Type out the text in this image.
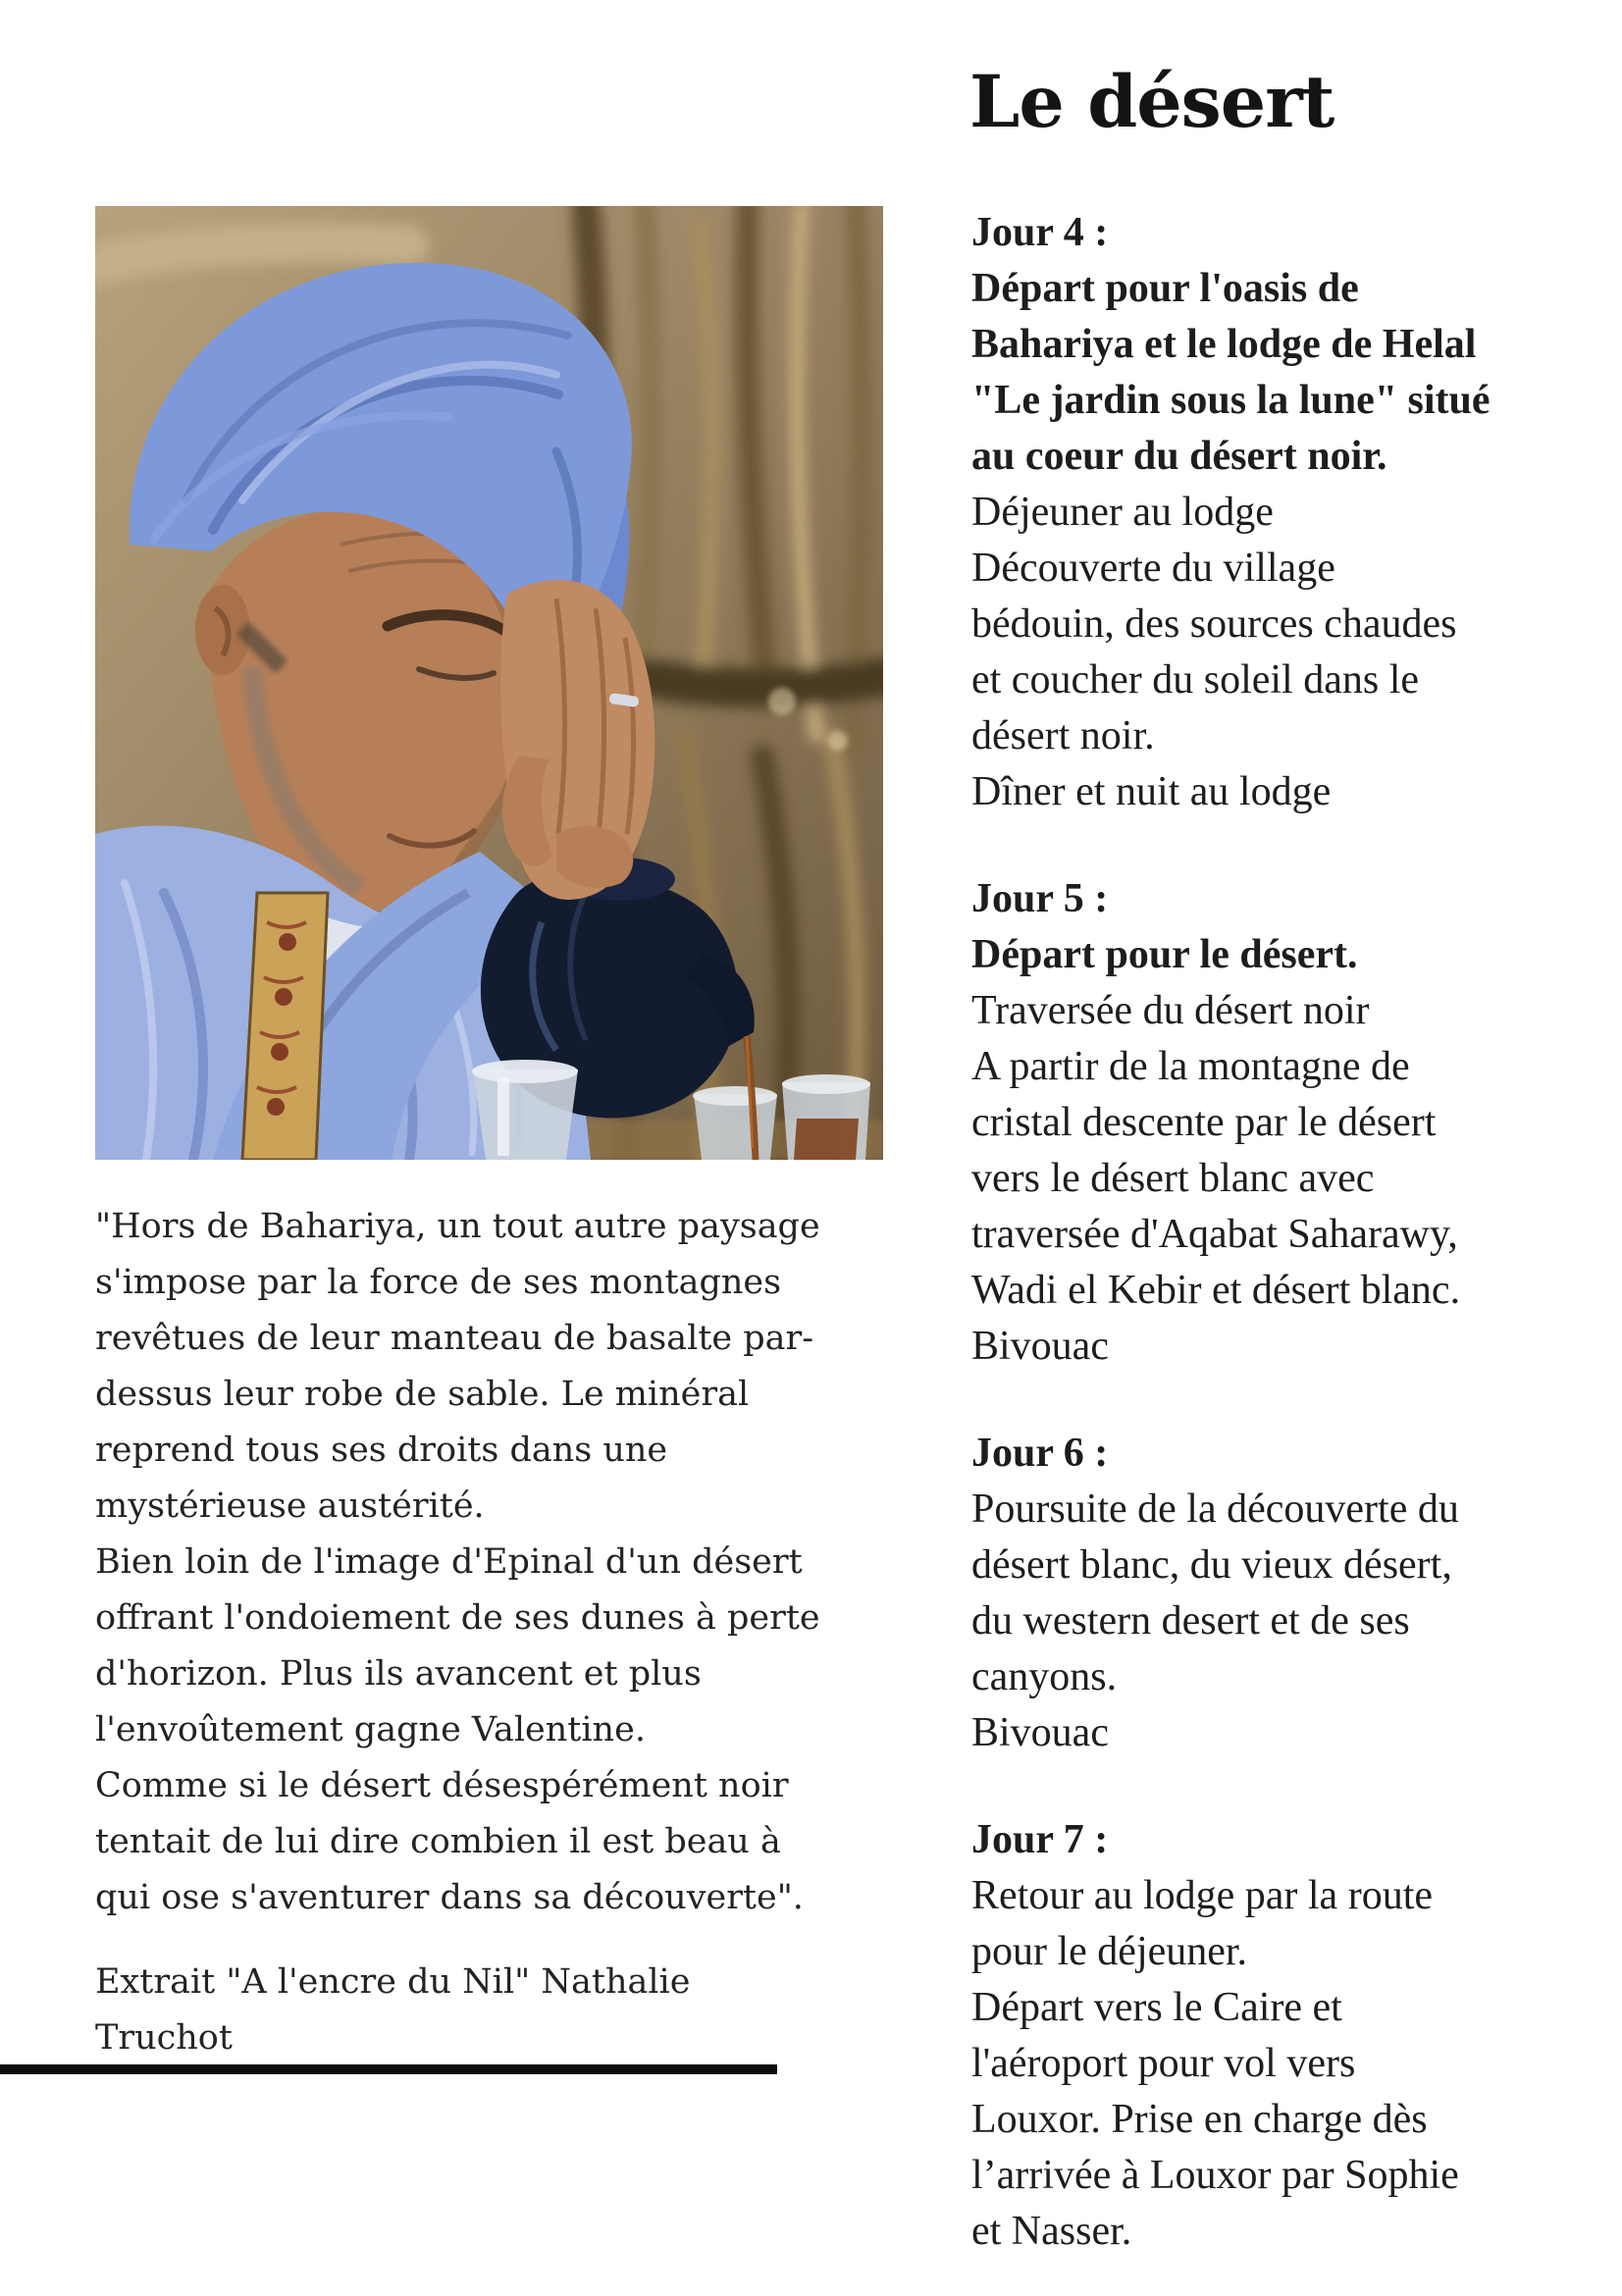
"Hors de Bahariya, un tout autre paysage
s'impose par la force de ses montagnes
revêtues de leur manteau de basalte par-
dessus leur robe de sable. Le minéral
reprend tous ses droits dans une
mystérieuse austérité.
Bien loin de l'image d'Epinal d'un désert
offrant l'ondoiement de ses dunes à perte
d'horizon. Plus ils avancent et plus
l'envoûtement gagne Valentine.
Comme si le désert désespérément noir
tentait de lui dire combien il est beau à
qui ose s'aventurer dans sa découverte".
Extrait "A l'encre du Nil" Nathalie
Truchot
Le désert
Jour 4 :
Départ pour l'oasis de
Bahariya et le lodge de Helal
"Le jardin sous la lune" situé
au coeur du désert noir.
Déjeuner au lodge
Découverte du village
bédouin, des sources chaudes
et coucher du soleil dans le
désert noir.
Dîner et nuit au lodge
Jour 5 :
Départ pour le désert.
Traversée du désert noir
A partir de la montagne de
cristal descente par le désert
vers le désert blanc avec
traversée d'Aqabat Saharawy,
Wadi el Kebir et désert blanc.
Bivouac
Jour 6 :
Poursuite de la découverte du
désert blanc, du vieux désert,
du western desert et de ses
canyons.
Bivouac
Jour 7 :
Retour au lodge par la route
pour le déjeuner.
Départ vers le Caire et
l'aéroport pour vol vers
Louxor. Prise en charge dès
l’arrivée à Louxor par Sophie
et Nasser.
